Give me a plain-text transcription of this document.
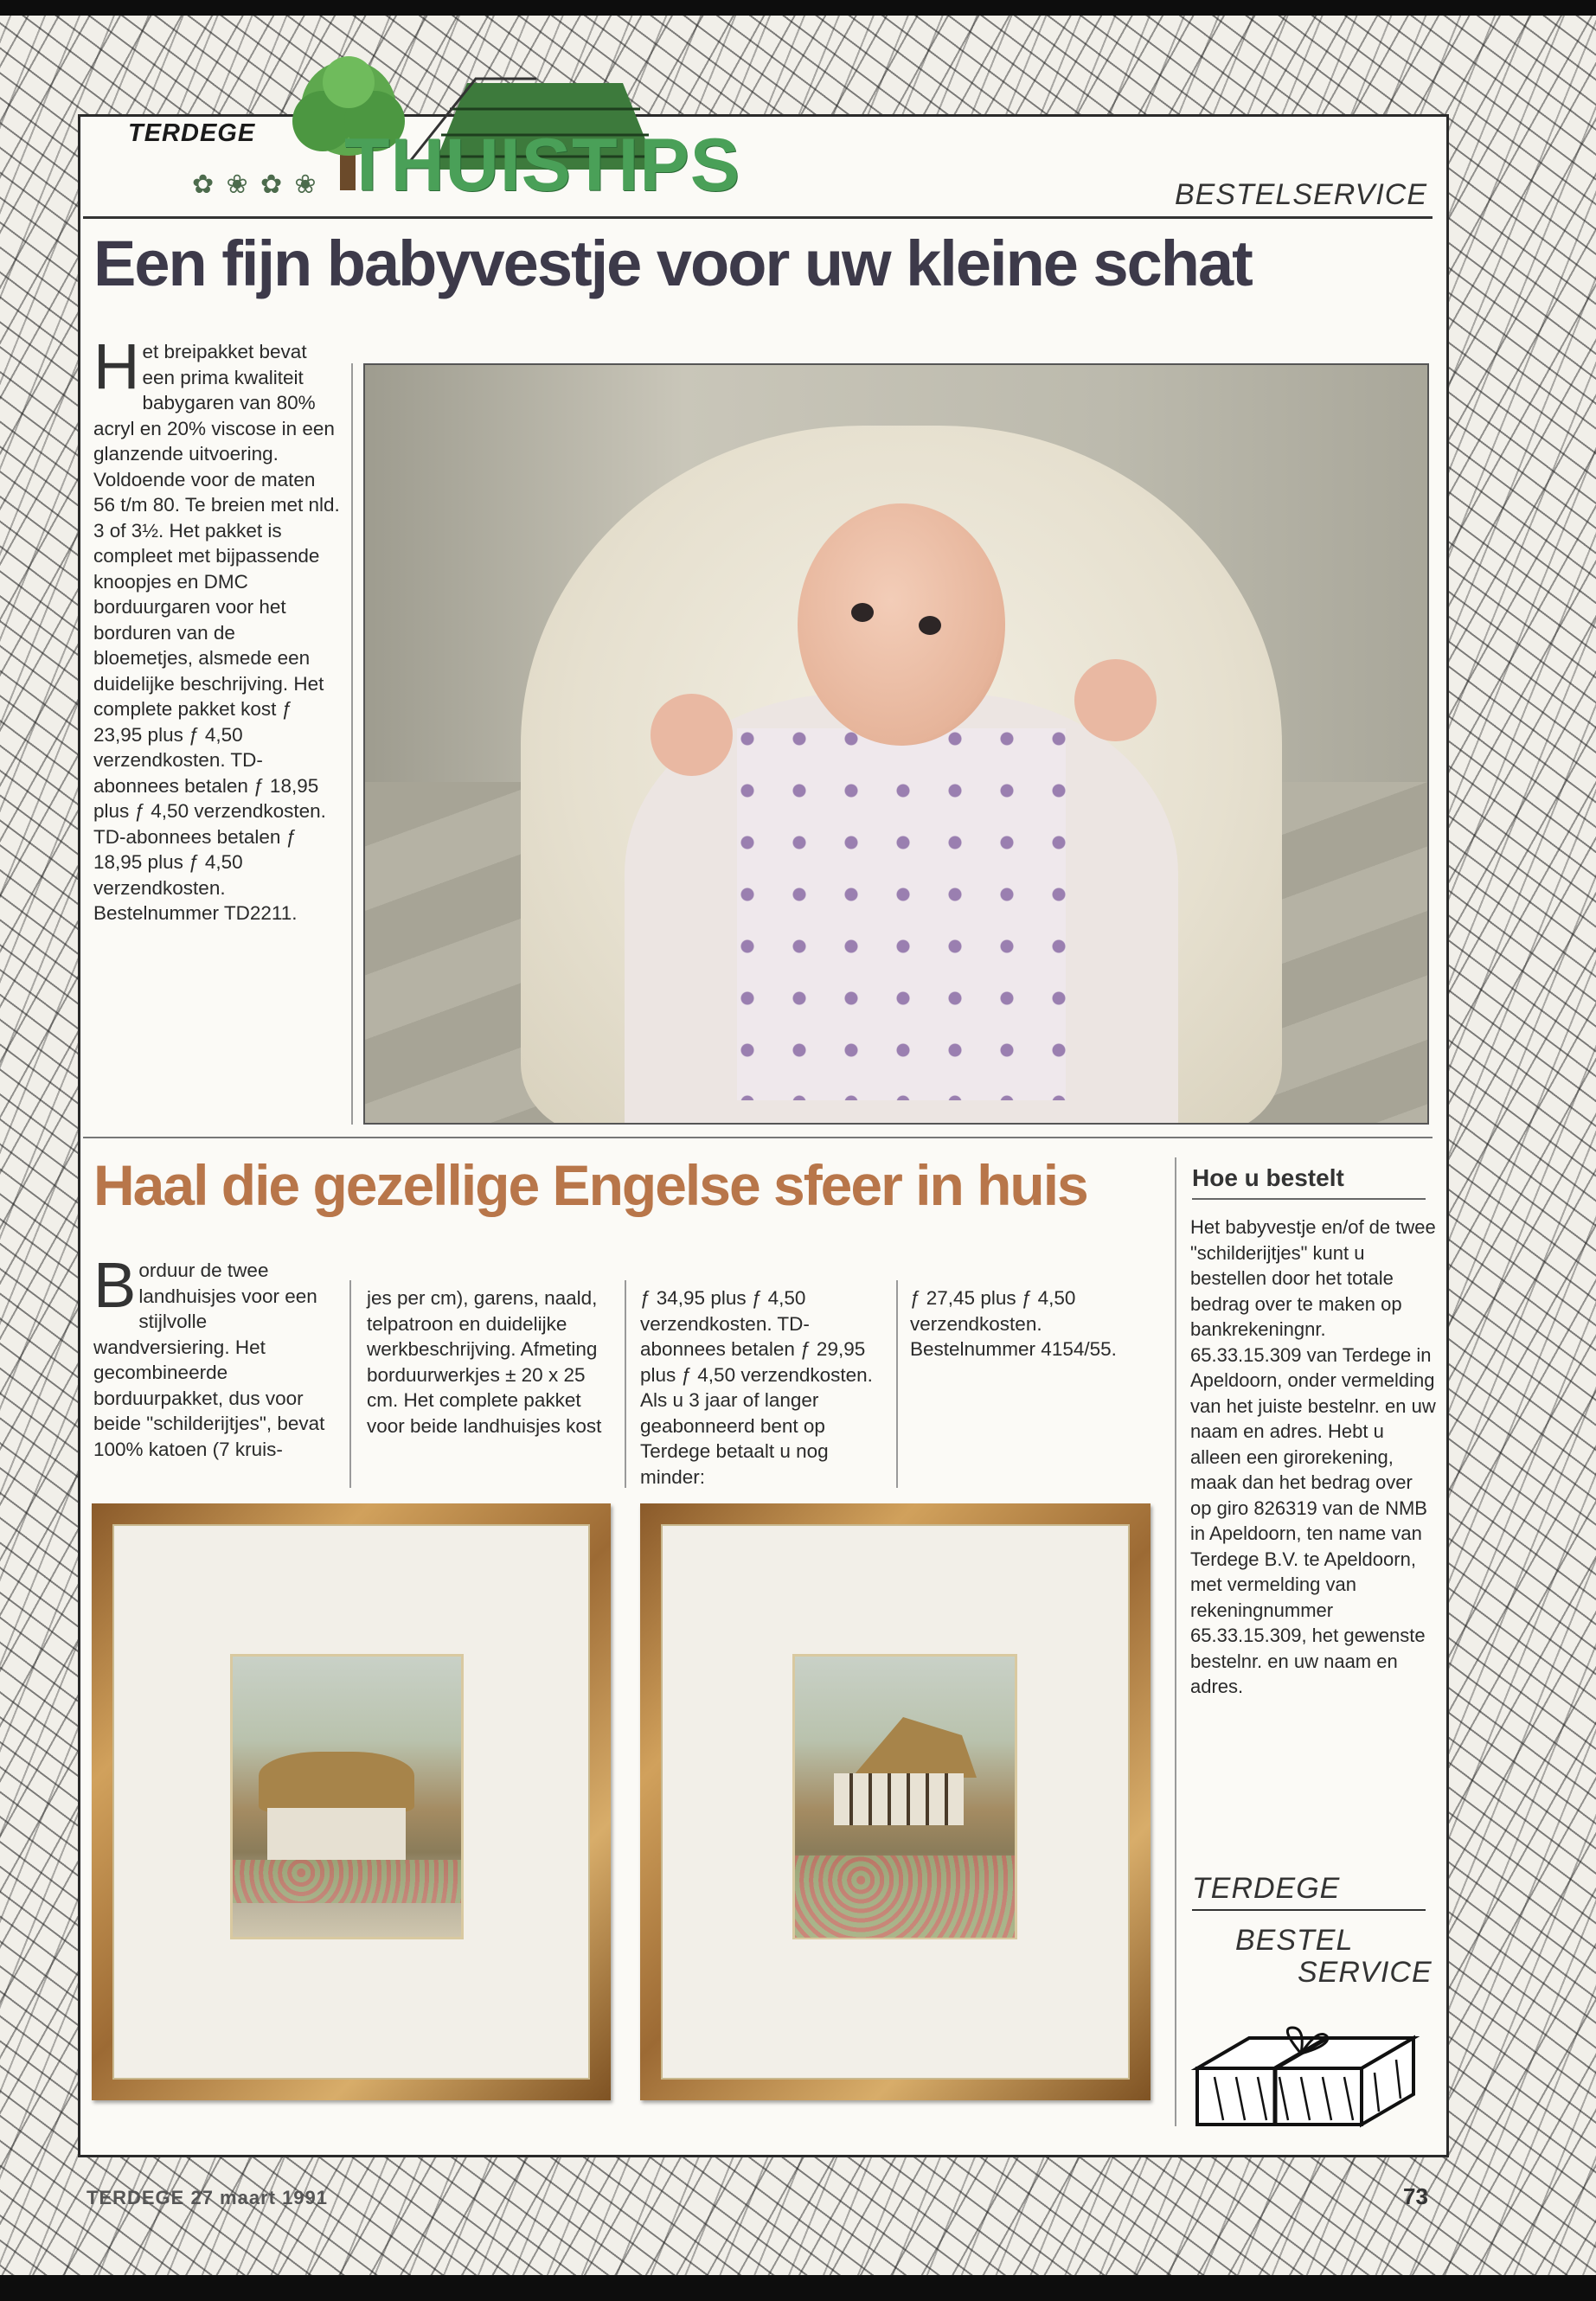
TERDEGE
✿ ❀ ✿ ❀ THUISTIPS	BESTELSERVICE
Een fijn babyvestje voor uw kleine schat
Het breipakket bevat een prima kwaliteit babygaren van 80% acryl en 20% viscose in een glanzende uitvoering. Voldoende voor de maten 56 t/m 80. Te breien met nld. 3 of 3½. Het pakket is compleet met bijpassende knoopjes en DMC borduurgaren voor het borduren van de bloemetjes, alsmede een duidelijke beschrijving. Het complete pakket kost ƒ 23,95 plus ƒ 4,50 verzendkosten. TD-abonnees betalen ƒ 18,95 plus ƒ 4,50 verzendkosten. TD-abonnees betalen ƒ 18,95 plus ƒ 4,50 verzendkosten. Bestelnummer TD2211.
Haal die gezellige Engelse sfeer in huis
Borduur de twee landhuisjes voor een stijlvolle wandversiering. Het gecombineerde borduurpakket, dus voor beide "schilderijtjes", bevat 100% katoen (7 kruis-
jes per cm), garens, naald, telpatroon en duidelijke werkbeschrijving. Afmeting borduurwerkjes ± 20 x 25 cm. Het complete pakket voor beide landhuisjes kost
ƒ 34,95 plus ƒ 4,50 verzendkosten. TD-abonnees betalen ƒ 29,95 plus ƒ 4,50 verzendkosten. Als u 3 jaar of langer geabonneerd bent op Terdege betaalt u nog minder:
ƒ 27,45 plus ƒ 4,50 verzendkosten. Bestelnummer 4154/55.
Hoe u bestelt
Het babyvestje en/of de twee "schilderijtjes" kunt u bestellen door het totale bedrag over te maken op bankrekeningnr. 65.33.15.309 van Terdege in Apeldoorn, onder vermelding van het juiste bestelnr. en uw naam en adres. Hebt u alleen een girorekening, maak dan het bedrag over op giro 826319 van de NMB in Apeldoorn, ten name van Terdege B.V. te Apeldoorn, met vermelding van rekeningnummer 65.33.15.309, het gewenste bestelnr. en uw naam en adres.
TERDEGE
BESTEL
SERVICE
TERDEGE 27 maart 1991	73
